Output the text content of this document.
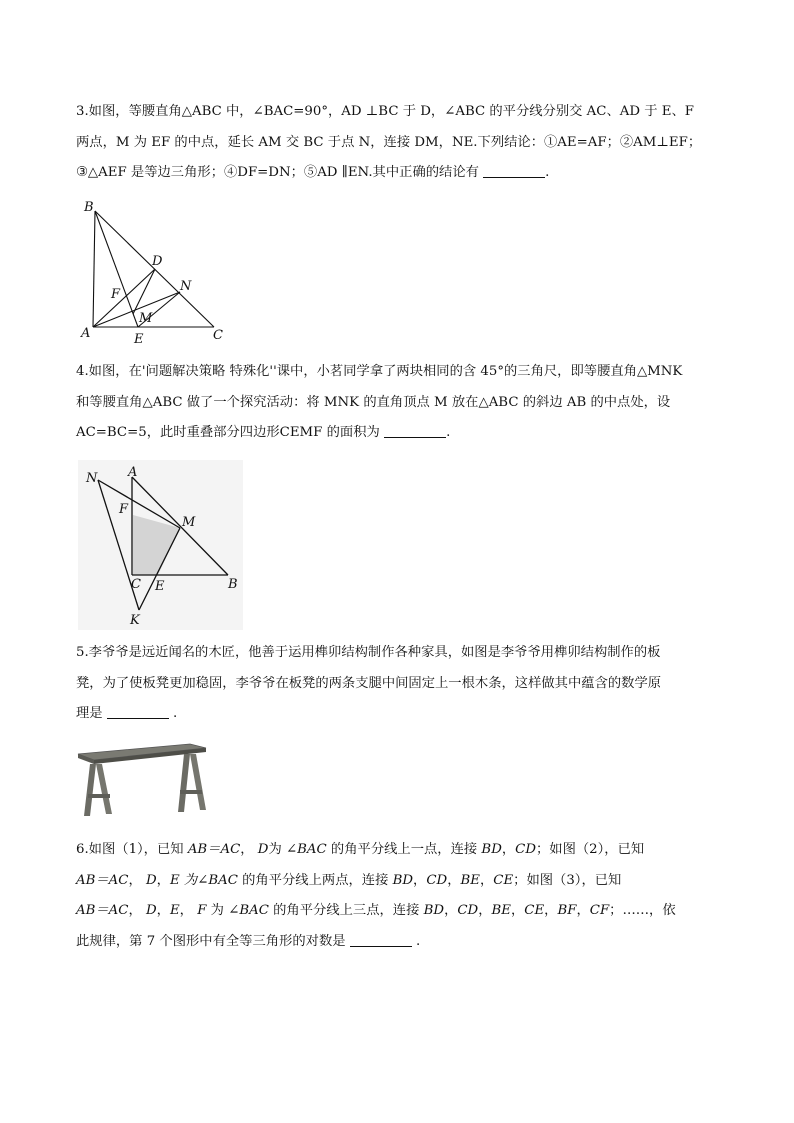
3.如图，等腰直角△ABC 中，∠BAC=90°，AD ⊥BC 于 D，∠ABC 的平分线分别交 AC、AD 于 E、F

两点，M 为 EF 的中点，延长 AM 交 BC 于点 N，连接 DM，NE.下列结论：①AE=AF；②AM⊥EF；

③△AEF 是等边三角形；④DF=DN；⑤AD ∥EN.其中正确的结论有	.

B
D
N
F
M
A	E	C

4.如图，在'问题解决策略 特殊化''课中，小茗同学拿了两块相同的含 45°的三角尺，即等腰直角△MNK

和等腰直角△ABC 做了一个探究活动：将 MNK 的直角顶点 M 放在△ABC 的斜边 AB 的中点处，设

AC=BC=5，此时重叠部分四边形CEMF 的面积为	.

N A
F
M
C E	B
K

5.李爷爷是远近闻名的木匠，他善于运用榫卯结构制作各种家具，如图是李爷爷用榫卯结构制作的板

凳，为了使板凳更加稳固，李爷爷在板凳的两条支腿中间固定上一根木条，这样做其中蕴含的数学原

理是	.

6.如图（1），已知 AB＝AC， D为 ∠BAC 的角平分线上一点，连接 BD，CD；如图（2），已知

AB＝AC， D，E 为∠BAC 的角平分线上两点，连接 BD，CD，BE，CE；如图（3），已知

AB＝AC， D，E， F 为 ∠BAC 的角平分线上三点，连接 BD，CD，BE，CE，BF，CF；……，依

此规律，第 7 个图形中有全等三角形的对数是	.
